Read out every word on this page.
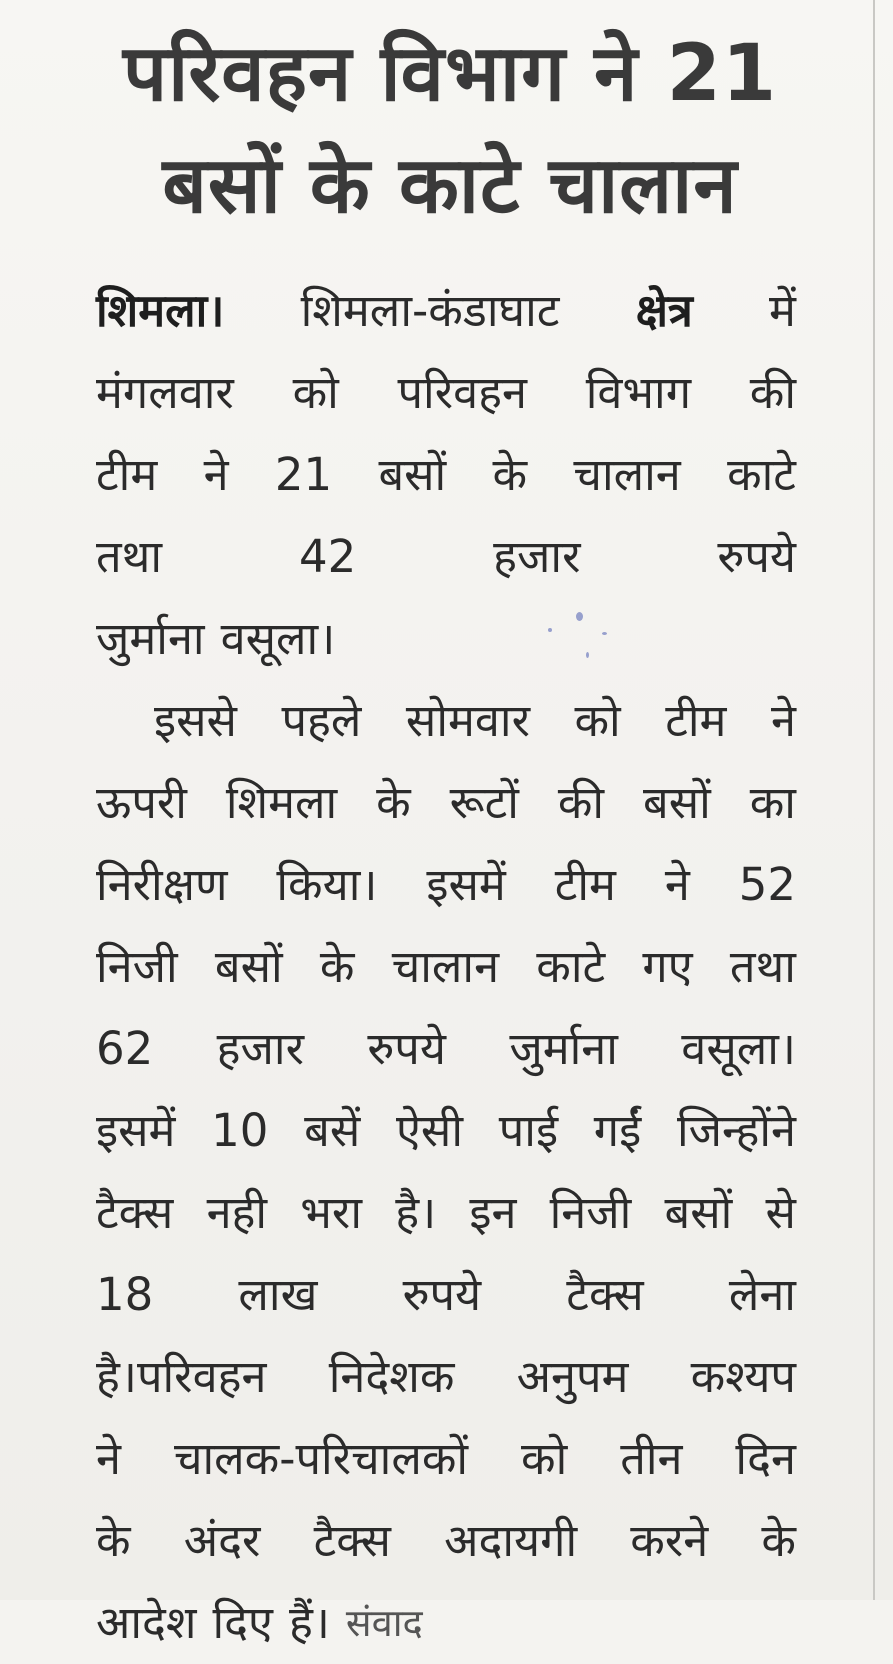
परिवहन विभाग ने 21
बसों के काटे चालान
शिमला। शिमला-कंडाघाट क्षेत्र में
मंगलवार को परिवहन विभाग की
टीम ने 21 बसों के चालान काटे
तथा	42	हजार	रुपये
जुर्माना वसूला।
इससे पहले सोमवार को टीम ने
ऊपरी शिमला के रूटों की बसों का
निरीक्षण किया। इसमें टीम ने 52
निजी बसों के चालान काटे गए तथा
62 हजार रुपये जुर्माना वसूला।
इसमें 10 बसें ऐसी पाई गईं जिन्होंने
टैक्स नही भरा है। इन निजी बसों से
18 लाख रुपये टैक्स लेना
है।परिवहन निदेशक अनुपम कश्यप
ने चालक-परिचालकों को तीन दिन
के अंदर टैक्स अदायगी करने के
आदेश दिए हैं। संवाद
